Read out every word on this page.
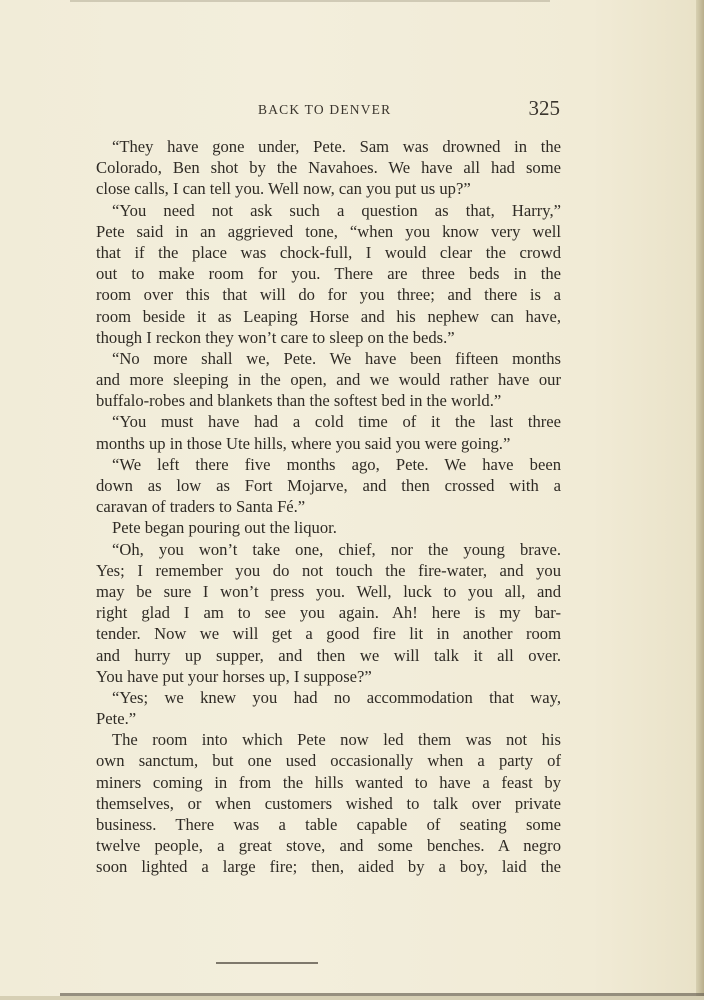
BACK TO DENVER	325
“They have gone under, Pete. Sam was drowned in the
Colorado, Ben shot by the Navahoes. We have all had some
close calls, I can tell you. Well now, can you put us up?”
“You need not ask such a question as that, Harry,”
Pete said in an aggrieved tone, “when you know very well
that if the place was chock-full, I would clear the crowd
out to make room for you. There are three beds in the
room over this that will do for you three; and there is a
room beside it as Leaping Horse and his nephew can have,
though I reckon they won’t care to sleep on the beds.”
“No more shall we, Pete. We have been fifteen months
and more sleeping in the open, and we would rather have our
buffalo-robes and blankets than the softest bed in the world.”
“You must have had a cold time of it the last three
months up in those Ute hills, where you said you were going.”
“We left there five months ago, Pete. We have been
down as low as Fort Mojarve, and then crossed with a
caravan of traders to Santa Fé.”
Pete began pouring out the liquor.
“Oh, you won’t take one, chief, nor the young brave.
Yes; I remember you do not touch the fire-water, and you
may be sure I won’t press you. Well, luck to you all, and
right glad I am to see you again. Ah! here is my bar-
tender. Now we will get a good fire lit in another room
and hurry up supper, and then we will talk it all over.
You have put your horses up, I suppose?”
“Yes; we knew you had no accommodation that way,
Pete.”
The room into which Pete now led them was not his
own sanctum, but one used occasionally when a party of
miners coming in from the hills wanted to have a feast by
themselves, or when customers wished to talk over private
business. There was a table capable of seating some
twelve people, a great stove, and some benches. A negro
soon lighted a large fire; then, aided by a boy, laid the
